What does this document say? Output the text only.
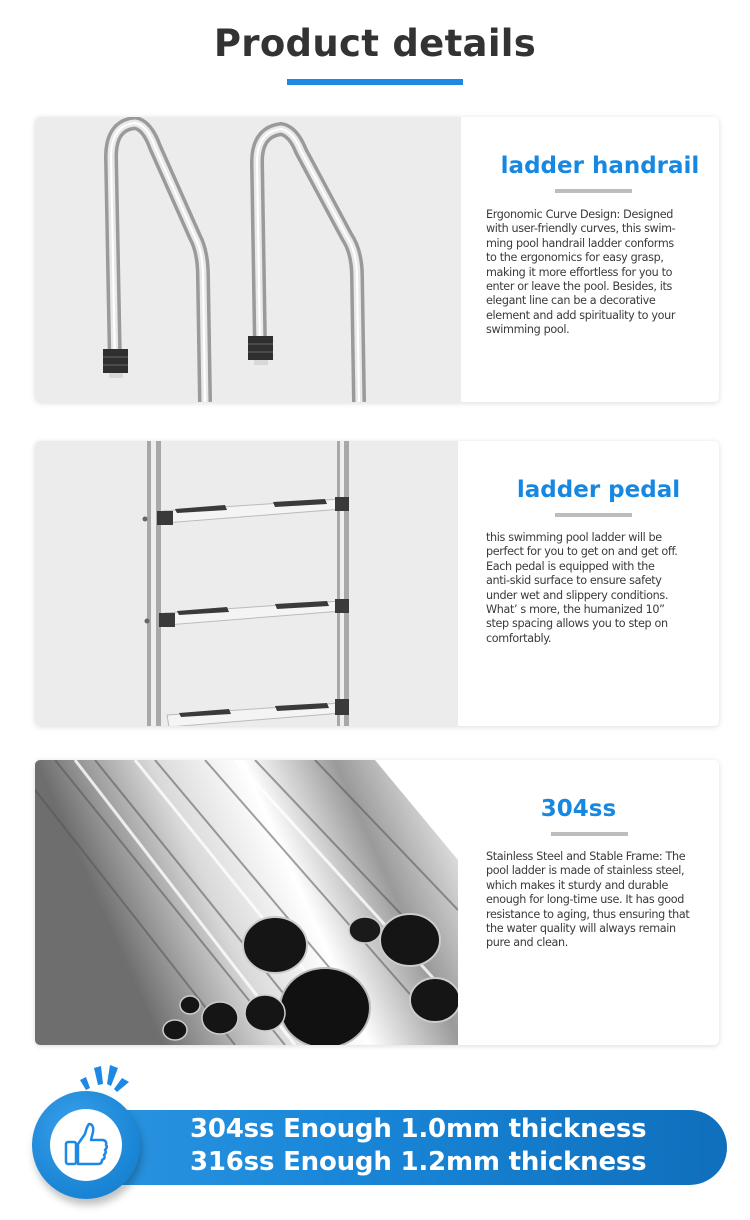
Product details
ladder handrail
Ergonomic Curve Design: Designed
with user-friendly curves, this swim-
ming pool handrail ladder conforms
to the ergonomics for easy grasp,
making it more effortless for you to
enter or leave the pool. Besides, its
elegant line can be a decorative
element and add spirituality to your
swimming pool.
ladder pedal
this swimming pool ladder will be
perfect for you to get on and get off.
Each pedal is equipped with the
anti-skid surface to ensure safety
under wet and slippery conditions.
What’ s more, the humanized 10”
step spacing allows you to step on
comfortably.
304ss
Stainless Steel and Stable Frame: The
pool ladder is made of stainless steel,
which makes it sturdy and durable
enough for long-time use. It has good
resistance to aging, thus ensuring that
the water quality will always remain
pure and clean.
304ss Enough 1.0mm thickness
316ss Enough 1.2mm thickness
